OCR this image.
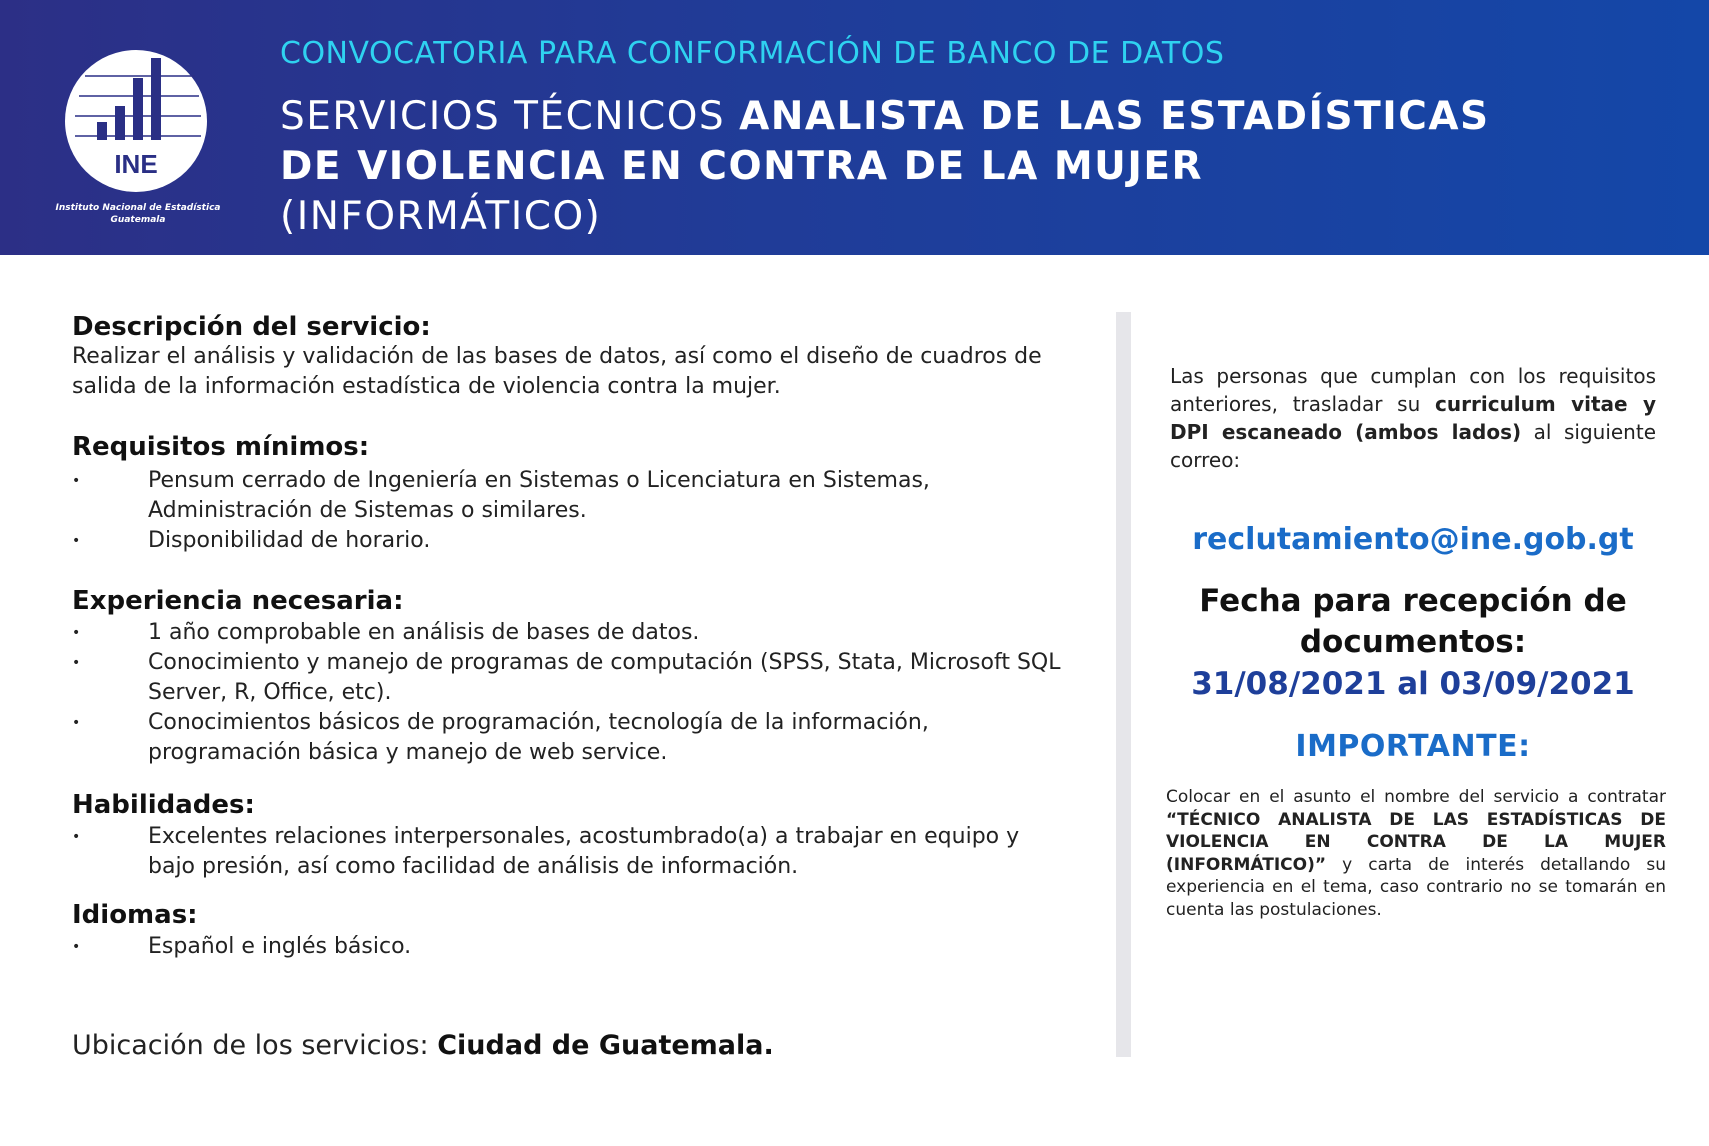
INE
Instituto Nacional de Estadística
Guatemala
CONVOCATORIA PARA CONFORMACIÓN DE BANCO DE DATOS
SERVICIOS TÉCNICOS ANALISTA DE LAS ESTADÍSTICAS
DE VIOLENCIA EN CONTRA DE LA MUJER
(INFORMÁTICO)
Descripción del servicio:
Realizar el análisis y validación de las bases de datos, así como el diseño de cuadros de salida de la información estadística de violencia contra la mujer.
Requisitos mínimos:
• Pensum cerrado de Ingeniería en Sistemas o Licenciatura en Sistemas, Administración de Sistemas o similares.
• Disponibilidad de horario.
Experiencia necesaria:
• 1 año comprobable en análisis de bases de datos.
• Conocimiento y manejo de programas de computación (SPSS, Stata, Microsoft SQL Server, R, Office, etc).
• Conocimientos básicos de programación, tecnología de la información, programación básica y manejo de web service.
Habilidades:
• Excelentes relaciones interpersonales, acostumbrado(a) a trabajar en equipo y bajo presión, así como facilidad de análisis de información.
Idiomas:
• Español e inglés básico.
Ubicación de los servicios: Ciudad de Guatemala.
Las personas que cumplan con los requisitos anteriores, trasladar su curriculum vitae y DPI escaneado (ambos lados) al siguiente correo:
reclutamiento@ine.gob.gt
Fecha para recepción de documentos:
31/08/2021 al 03/09/2021
IMPORTANTE:
Colocar en el asunto el nombre del servicio a contratar “TÉCNICO ANALISTA DE LAS ESTADÍSTICAS DE VIOLENCIA EN CONTRA DE LA MUJER (INFORMÁTICO)” y carta de interés detallando su experiencia en el tema, caso contrario no se tomarán en cuenta las postulaciones.
